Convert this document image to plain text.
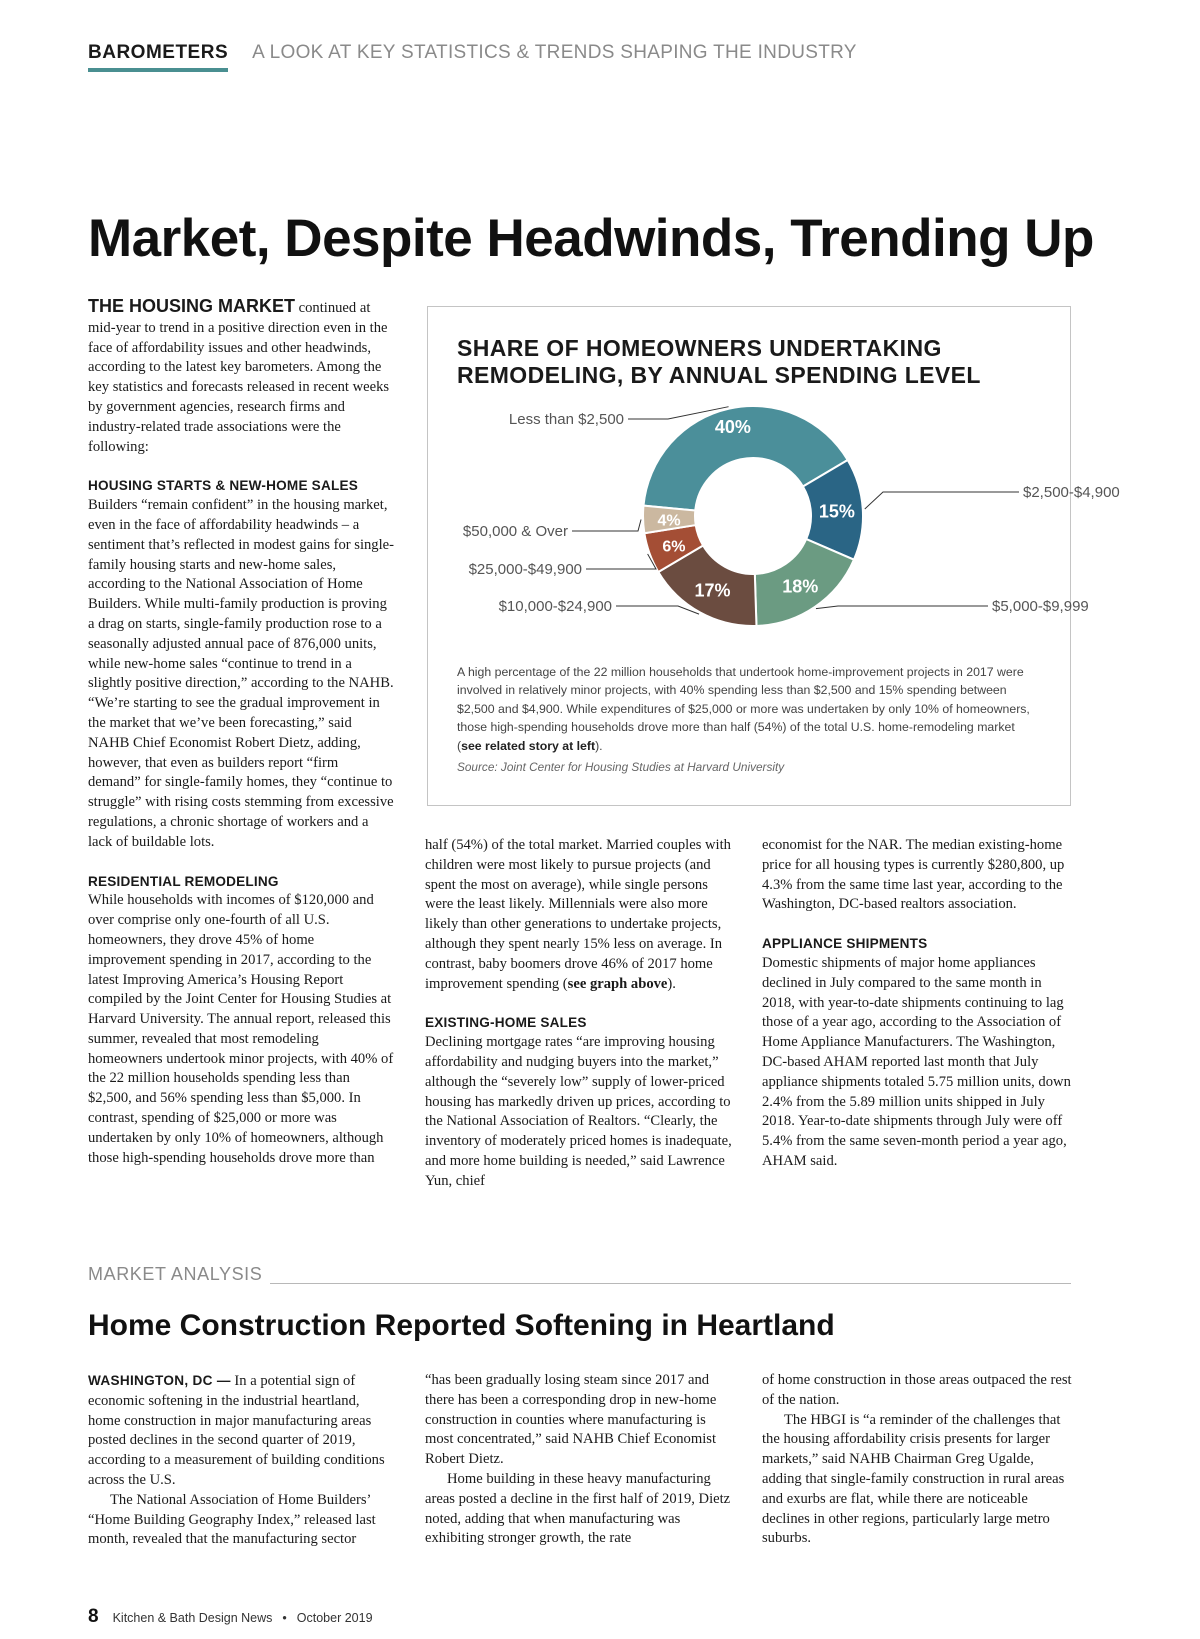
BAROMETERS A LOOK AT KEY STATISTICS & TRENDS SHAPING THE INDUSTRY
Market, Despite Headwinds, Trending Up

THE HOUSING MARKET continued at mid-year to trend in a positive direction even in the face of affordability issues and other headwinds, according to the latest key barometers. Among the key statistics and forecasts released in recent weeks by government agencies, research firms and industry-related trade associations were the following:

HOUSING STARTS & NEW-HOME SALES

Builders “remain confident” in the housing market, even in the face of affordability headwinds – a sentiment that’s reflected in modest gains for single-family housing starts and new-home sales, according to the National Association of Home Builders. While multi-family production is proving a drag on starts, single-family production rose to a seasonally adjusted annual pace of 876,000 units, while new-home sales “continue to trend in a slightly positive direction,” according to the NAHB. “We’re starting to see the gradual improvement in the market that we’ve been forecasting,” said NAHB Chief Economist Robert Dietz, adding, however, that even as builders report “firm demand” for single-family homes, they “continue to struggle” with rising costs stemming from excessive regulations, a chronic shortage of workers and a lack of buildable lots.

RESIDENTIAL REMODELING

While households with incomes of $120,000 and over comprise only one-fourth of all U.S. homeowners, they drove 45% of home improvement spending in 2017, according to the latest Improving America’s Housing Report compiled by the Joint Center for Housing Studies at Harvard University. The annual report, released this summer, revealed that most remodeling homeowners undertook minor projects, with 40% of the 22 million households spending less than $2,500, and 56% spending less than $5,000. In contrast, spending of $25,000 or more was undertaken by only 10% of homeowners, although those high-spending households drove more than

SHARE OF HOMEOWNERS UNDERTAKING
REMODELING, BY ANNUAL SPENDING LEVEL
40%
Less than $2,500
15%
$2,500-$4,900
18%
$5,000-$9,999
17%
$10,000-$24,900
6%
$25,000-$49,900
4%
$50,000 & Over

A high percentage of the 22 million households that undertook home-improvement projects in 2017 were involved in relatively minor projects, with 40% spending less than $2,500 and 15% spending between $2,500 and $4,900. While expenditures of $25,000 or more was undertaken by only 10% of homeowners, those high-spending households drove more than half (54%) of the total U.S. home-remodeling market (see related story at left).

Source: Joint Center for Housing Studies at Harvard University

half (54%) of the total market. Married couples with children were most likely to pursue projects (and spent the most on average), while single persons were the least likely. Millennials were also more likely than other generations to undertake projects, although they spent nearly 15% less on average. In contrast, baby boomers drove 46% of 2017 home improvement spending (see graph above).

EXISTING-HOME SALES

Declining mortgage rates “are improving housing affordability and nudging buyers into the market,” although the “severely low” supply of lower-priced housing has markedly driven up prices, according to the National Association of Realtors. “Clearly, the inventory of moderately priced homes is inadequate, and more home building is needed,” said Lawrence Yun, chief

economist for the NAR. The median existing-home price for all housing types is currently $280,800, up 4.3% from the same time last year, according to the Washington, DC-based realtors association.

APPLIANCE SHIPMENTS

Domestic shipments of major home appliances declined in July compared to the same month in 2018, with year-to-date shipments continuing to lag those of a year ago, according to the Association of Home Appliance Manufacturers. The Washington, DC-based AHAM reported last month that July appliance shipments totaled 5.75 million units, down 2.4% from the 5.89 million units shipped in July 2018. Year-to-date shipments through July were off 5.4% from the same seven-month period a year ago, AHAM said.

MARKET ANALYSIS
Home Construction Reported Softening in Heartland

WASHINGTON, DC — In a potential sign of economic softening in the industrial heartland, home construction in major manufacturing areas posted declines in the second quarter of 2019, according to a measurement of building conditions across the U.S.

The National Association of Home Builders’ “Home Building Geography Index,” released last month, revealed that the manufacturing sector

“has been gradually losing steam since 2017 and there has been a corresponding drop in new-home construction in counties where manufacturing is most concentrated,” said NAHB Chief Economist Robert Dietz.

Home building in these heavy manufacturing areas posted a decline in the first half of 2019, Dietz noted, adding that when manufacturing was exhibiting stronger growth, the rate

of home construction in those areas outpaced the rest of the nation.

The HBGI is “a reminder of the challenges that the housing affordability crisis presents for larger markets,” said NAHB Chairman Greg Ugalde, adding that single-family construction in rural areas and exurbs are flat, while there are noticeable declines in other regions, particularly large metro suburbs.

8 Kitchen & Bath Design News • October 2019
